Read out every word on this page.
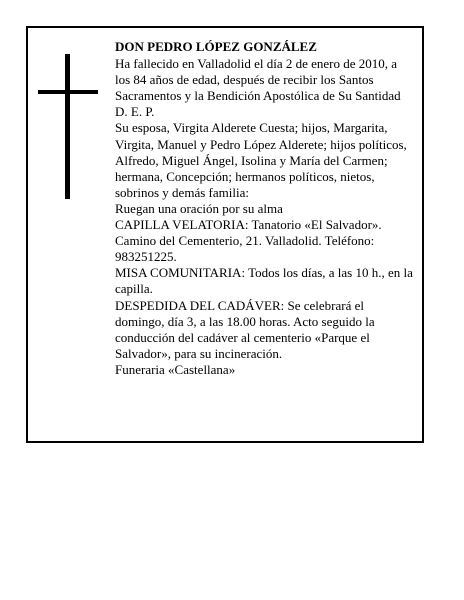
DON PEDRO LÓPEZ GONZÁLEZ

Ha fallecido en Valladolid el día 2 de enero de 2010, a los 84 años de edad, después de recibir los Santos Sacramentos y la Bendición Apostólica de Su Santidad

D. E. P.

Su esposa, Virgita Alderete Cuesta; hijos, Margarita, Virgita, Manuel y Pedro López Alderete; hijos políticos, Alfredo, Miguel Ángel, Isolina y María del Carmen; hermana, Concepción; hermanos políticos, nietos, sobrinos y demás familia:

Ruegan una oración por su alma

CAPILLA VELATORIA: Tanatorio «El Salvador». Camino del Cementerio, 21. Valladolid. Teléfono: 983251225.

MISA COMUNITARIA: Todos los días, a las 10 h., en la capilla.

DESPEDIDA DEL CADÁVER: Se celebrará el domingo, día 3, a las 18.00 horas. Acto seguido la conducción del cadáver al cementerio «Parque el Salvador», para su incineración.

Funeraria «Castellana»
